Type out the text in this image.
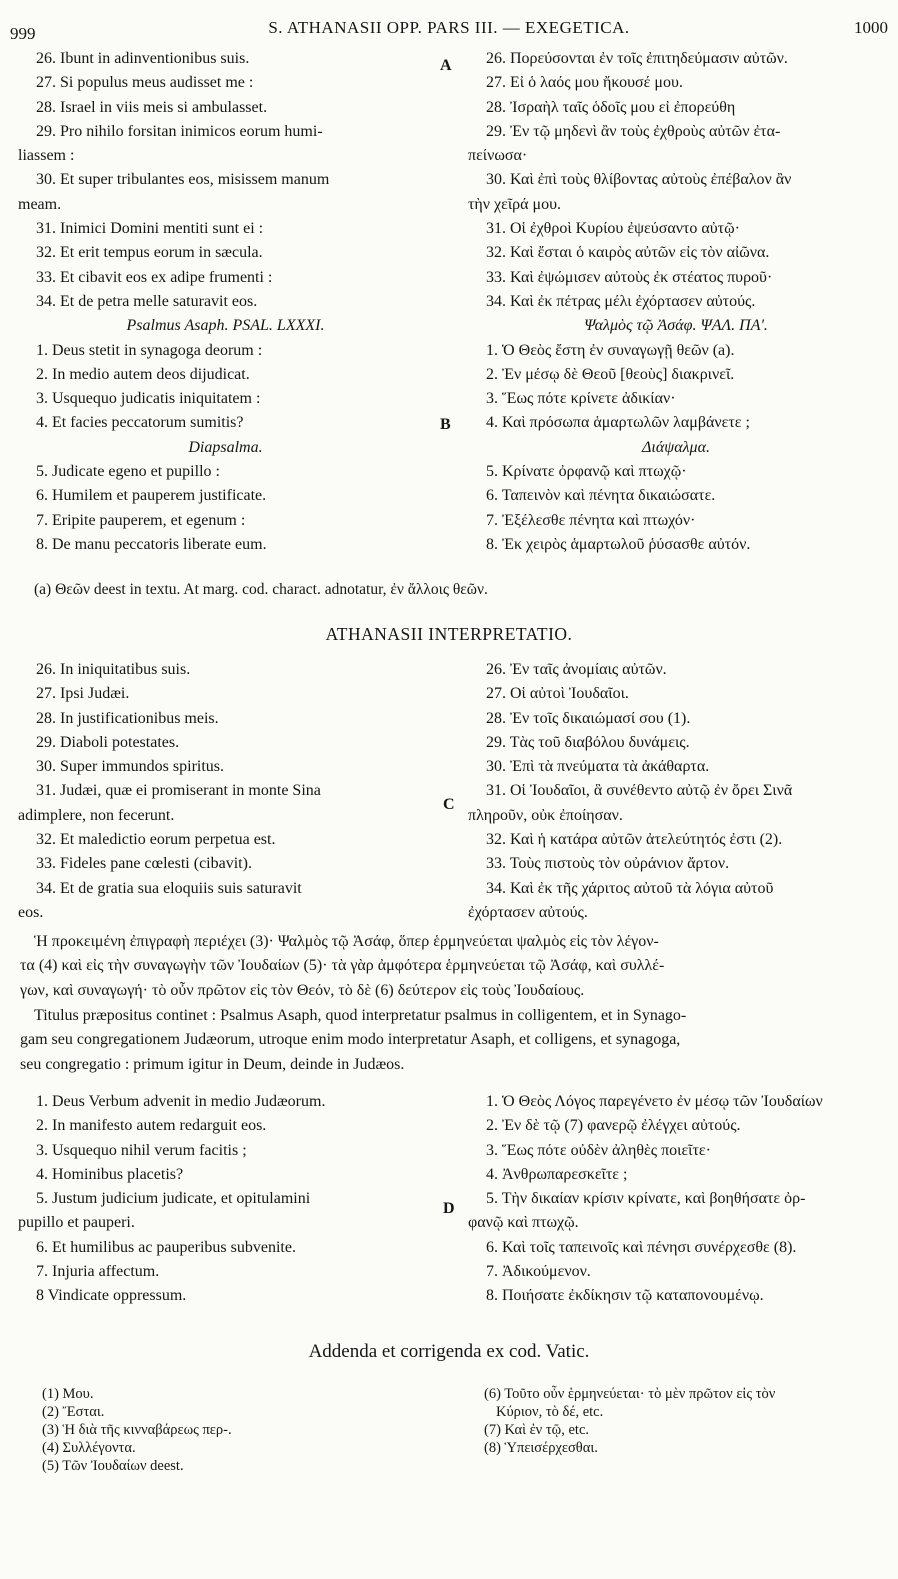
999	S. ATHANASII OPP. PARS III. — EXEGETICA.	1000
26. Ibunt in adinventionibus suis.
27. Si populus meus audisset me :
28. Israel in viis meis si ambulasset.
29. Pro nihilo forsitan inimicos eorum humi-
liassem :
30. Et super tribulantes eos, misissem manum
meam.
31. Inimici Domini mentiti sunt ei :
32. Et erit tempus eorum in sæcula.
33. Et cibavit eos ex adipe frumenti :
34. Et de petra melle saturavit eos.
Psalmus Asaph. PSAL. LXXXI.
1. Deus stetit in synagoga deorum :
2. In medio autem deos dijudicat.
3. Usquequo judicatis iniquitatem :
4. Et facies peccatorum sumitis?
Diapsalma.
5. Judicate egeno et pupillo :
6. Humilem et pauperem justificate.
7. Eripite pauperem, et egenum :
8. De manu peccatoris liberate eum.
26. Πορεύσονται ἐν τοῖς ἐπιτηδεύμασιν αὐτῶν.
27. Εἰ ὁ λαός μου ἤκουσέ μου.
28. Ἰσραὴλ ταῖς ὁδοῖς μου εἰ ἐπορεύθη
29. Ἐν τῷ μηδενὶ ἂν τοὺς ἐχθροὺς αὐτῶν ἐτα-
πείνωσα·
30. Καὶ ἐπὶ τοὺς θλίβοντας αὐτοὺς ἐπέβαλον ἂν
τὴν χεῖρά μου.
31. Οἱ ἐχθροὶ Κυρίου ἐψεύσαντο αὐτῷ·
32. Καὶ ἔσται ὁ καιρὸς αὐτῶν εἰς τὸν αἰῶνα.
33. Καὶ ἐψώμισεν αὐτοὺς ἐκ στέατος πυροῦ·
34. Καὶ ἐκ πέτρας μέλι ἐχόρτασεν αὐτούς.
Ψαλμὸς τῷ Ἀσάφ. ΨΑΛ. ΠΑ'.
1. Ὁ Θεὸς ἔστη ἐν συναγωγῇ θεῶν (a).
2. Ἐν μέσῳ δὲ Θεοῦ [θεοὺς] διακρινεῖ.
3. Ἕως πότε κρίνετε ἀδικίαν·
4. Καὶ πρόσωπα ἁμαρτωλῶν λαμβάνετε ;
Διάψαλμα.
5. Κρίνατε ὀρφανῷ καὶ πτωχῷ·
6. Ταπεινὸν καὶ πένητα δικαιώσατε.
7. Ἐξέλεσθε πένητα καὶ πτωχόν·
8. Ἐκ χειρὸς ἁμαρτωλοῦ ῥύσασθε αὐτόν.
A
B
(a) Θεῶν deest in textu. At marg. cod. charact. adnotatur, ἐν ἄλλοις θεῶν.
ATHANASII INTERPRETATIO.
26. In iniquitatibus suis.
27. Ipsi Judæi.
28. In justificationibus meis.
29. Diaboli potestates.
30. Super immundos spiritus.
31. Judæi, quæ ei promiserant in monte Sina
adimplere, non fecerunt.
32. Et maledictio eorum perpetua est.
33. Fideles pane cœlesti (cibavit).
34. Et de gratia sua eloquiis suis saturavit
eos.
26. Ἐν ταῖς ἀνομίαις αὐτῶν.
27. Οἱ αὐτοὶ Ἰουδαῖοι.
28. Ἐν τοῖς δικαιώμασί σου (1).
29. Τὰς τοῦ διαβόλου δυνάμεις.
30. Ἐπὶ τὰ πνεύματα τὰ ἀκάθαρτα.
31. Οἱ Ἰουδαῖοι, ἃ συνέθεντο αὐτῷ ἐν ὄρει Σινᾶ
πληροῦν, οὐκ ἐποίησαν.
32. Καὶ ἡ κατάρα αὐτῶν ἀτελεύτητός ἐστι (2).
33. Τοὺς πιστοὺς τὸν οὐράνιον ἄρτον.
34. Καὶ ἐκ τῆς χάριτος αὐτοῦ τὰ λόγια αὐτοῦ
ἐχόρτασεν αὐτούς.
C
Ἡ προκειμένη ἐπιγραφὴ περιέχει (3)· Ψαλμὸς τῷ Ἀσάφ, ὅπερ ἑρμηνεύεται ψαλμὸς εἰς τὸν λέγον-
τα (4) καὶ εἰς τὴν συναγωγὴν τῶν Ἰουδαίων (5)· τὰ γὰρ ἀμφότερα ἑρμηνεύεται τῷ Ἀσάφ, καὶ συλλέ-
γων, καὶ συναγωγή· τὸ οὖν πρῶτον εἰς τὸν Θεόν, τὸ δὲ (6) δεύτερον εἰς τοὺς Ἰουδαίους.
Titulus præpositus continet : Psalmus Asaph, quod interpretatur psalmus in colligentem, et in Synago-
gam seu congregationem Judæorum, utroque enim modo interpretatur Asaph, et colligens, et synagoga,
seu congregatio : primum igitur in Deum, deinde in Judæos.
1. Deus Verbum advenit in medio Judæorum.
2. In manifesto autem redarguit eos.
3. Usquequo nihil verum facitis ;
4. Hominibus placetis?
5. Justum judicium judicate, et opitulamini
pupillo et pauperi.
6. Et humilibus ac pauperibus subvenite.
7. Injuria affectum.
8 Vindicate oppressum.
1. Ὁ Θεὸς Λόγος παρεγένετο ἐν μέσῳ τῶν Ἰουδαίων
2. Ἐν δὲ τῷ (7) φανερῷ ἐλέγχει αὐτούς.
3. Ἕως πότε οὐδὲν ἀληθὲς ποιεῖτε·
4. Ἀνθρωπαρεσκεῖτε ;
5. Τὴν δικαίαν κρίσιν κρίνατε, καὶ βοηθήσατε ὀρ-
φανῷ καὶ πτωχῷ.
6. Καὶ τοῖς ταπεινοῖς καὶ πένησι συνέρχεσθε (8).
7. Ἀδικούμενον.
8. Ποιήσατε ἐκδίκησιν τῷ καταπονουμένῳ.
D
Addenda et corrigenda ex cod. Vatic.
(1) Μου.
(2) Ἔσται.
(3) Ἡ διὰ τῆς κινναβάρεως περ-.
(4) Συλλέγοντα.
(5) Τῶν Ἰουδαίων deest.
(6) Τοῦτο οὖν ἑρμηνεύεται· τὸ μὲν πρῶτον εἰς τὸν
Κύριον, τὸ δέ, etc.
(7) Καὶ ἐν τῷ, etc.
(8) Ὑπεισέρχεσθαι.
